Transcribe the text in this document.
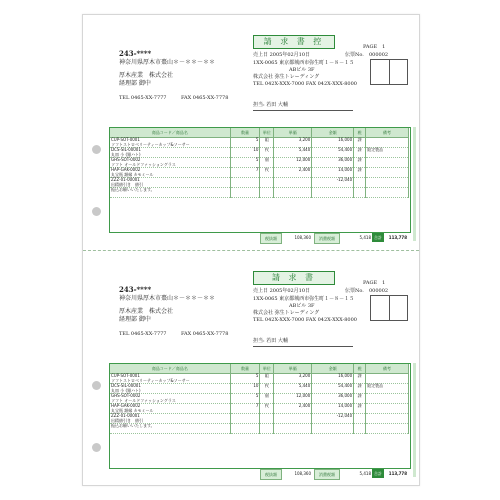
請 求 書 控
PAGE　1
売上日 2005年02月10日	伝票No. 000002
243-****
神奈川県厚木市棗山＊－＊＊－＊＊
厚木産業　株式会社
経理部 御中
TEL 0465-XX-7777	FAX 0465-XX-7778
1XX-0065 東京都城西市弥生町１－８－１５
ABビル 3F
株式会社 弥生トレーディング
TEL 042X-XXX-7000 FAX 042X-XXX-8000
担当: 若田 大輔
商品コード／商品名	数量	単位	単価	金額	税	備考

CUP-SOT-0001
ソフトストロベリーティーカップ&ソーサー	5	組	3,200	16,000	課	

DCS-SIL-00001
丸皿 小 (銀ハト)	10	枚	5,440	54,400	課	限定製品

GHS-SOT-0002
ソフト オールドファッショングラス	5	個	12,000	36,000	課	

HAP-GAK-0002
丸宝瓶 額縁 カモミール	7	枚	2,400	14,000	課	

ZZZ-01-00001
出精値引き　値引				-12,040		

振込お願いいたします。						

税抜額	108,360	消費税額	5,418 合計	113,778
請 求 書
PAGE　1
売上日 2005年02月10日	伝票No. 000002
243-****
神奈川県厚木市棗山＊－＊＊－＊＊
厚木産業　株式会社
経理部 御中
TEL 0465-XX-7777	FAX 0465-XX-7778
1XX-0065 東京都城西市弥生町１－８－１５
ABビル 3F
株式会社 弥生トレーディング
TEL 042X-XXX-7000 FAX 042X-XXX-8000
担当: 若田 大輔
商品コード／商品名	数量	単位	単価	金額	税	備考

CUP-SOT-0001
ソフトストロベリーティーカップ&ソーサー	5	組	3,200	16,000	課	

DCS-SIL-00001
丸皿 小 (銀ハト)	10	枚	5,440	54,400	課	限定製品

GHS-SOT-0002
ソフト オールドファッショングラス	5	個	12,000	36,000	課	

HAP-GAK-0002
丸宝瓶 額縁 カモミール	7	枚	2,400	14,000	課	

ZZZ-01-00001
出精値引き　値引				-12,040		

振込お願いいたします。						

税抜額	108,360	消費税額	5,418 合計	113,778
